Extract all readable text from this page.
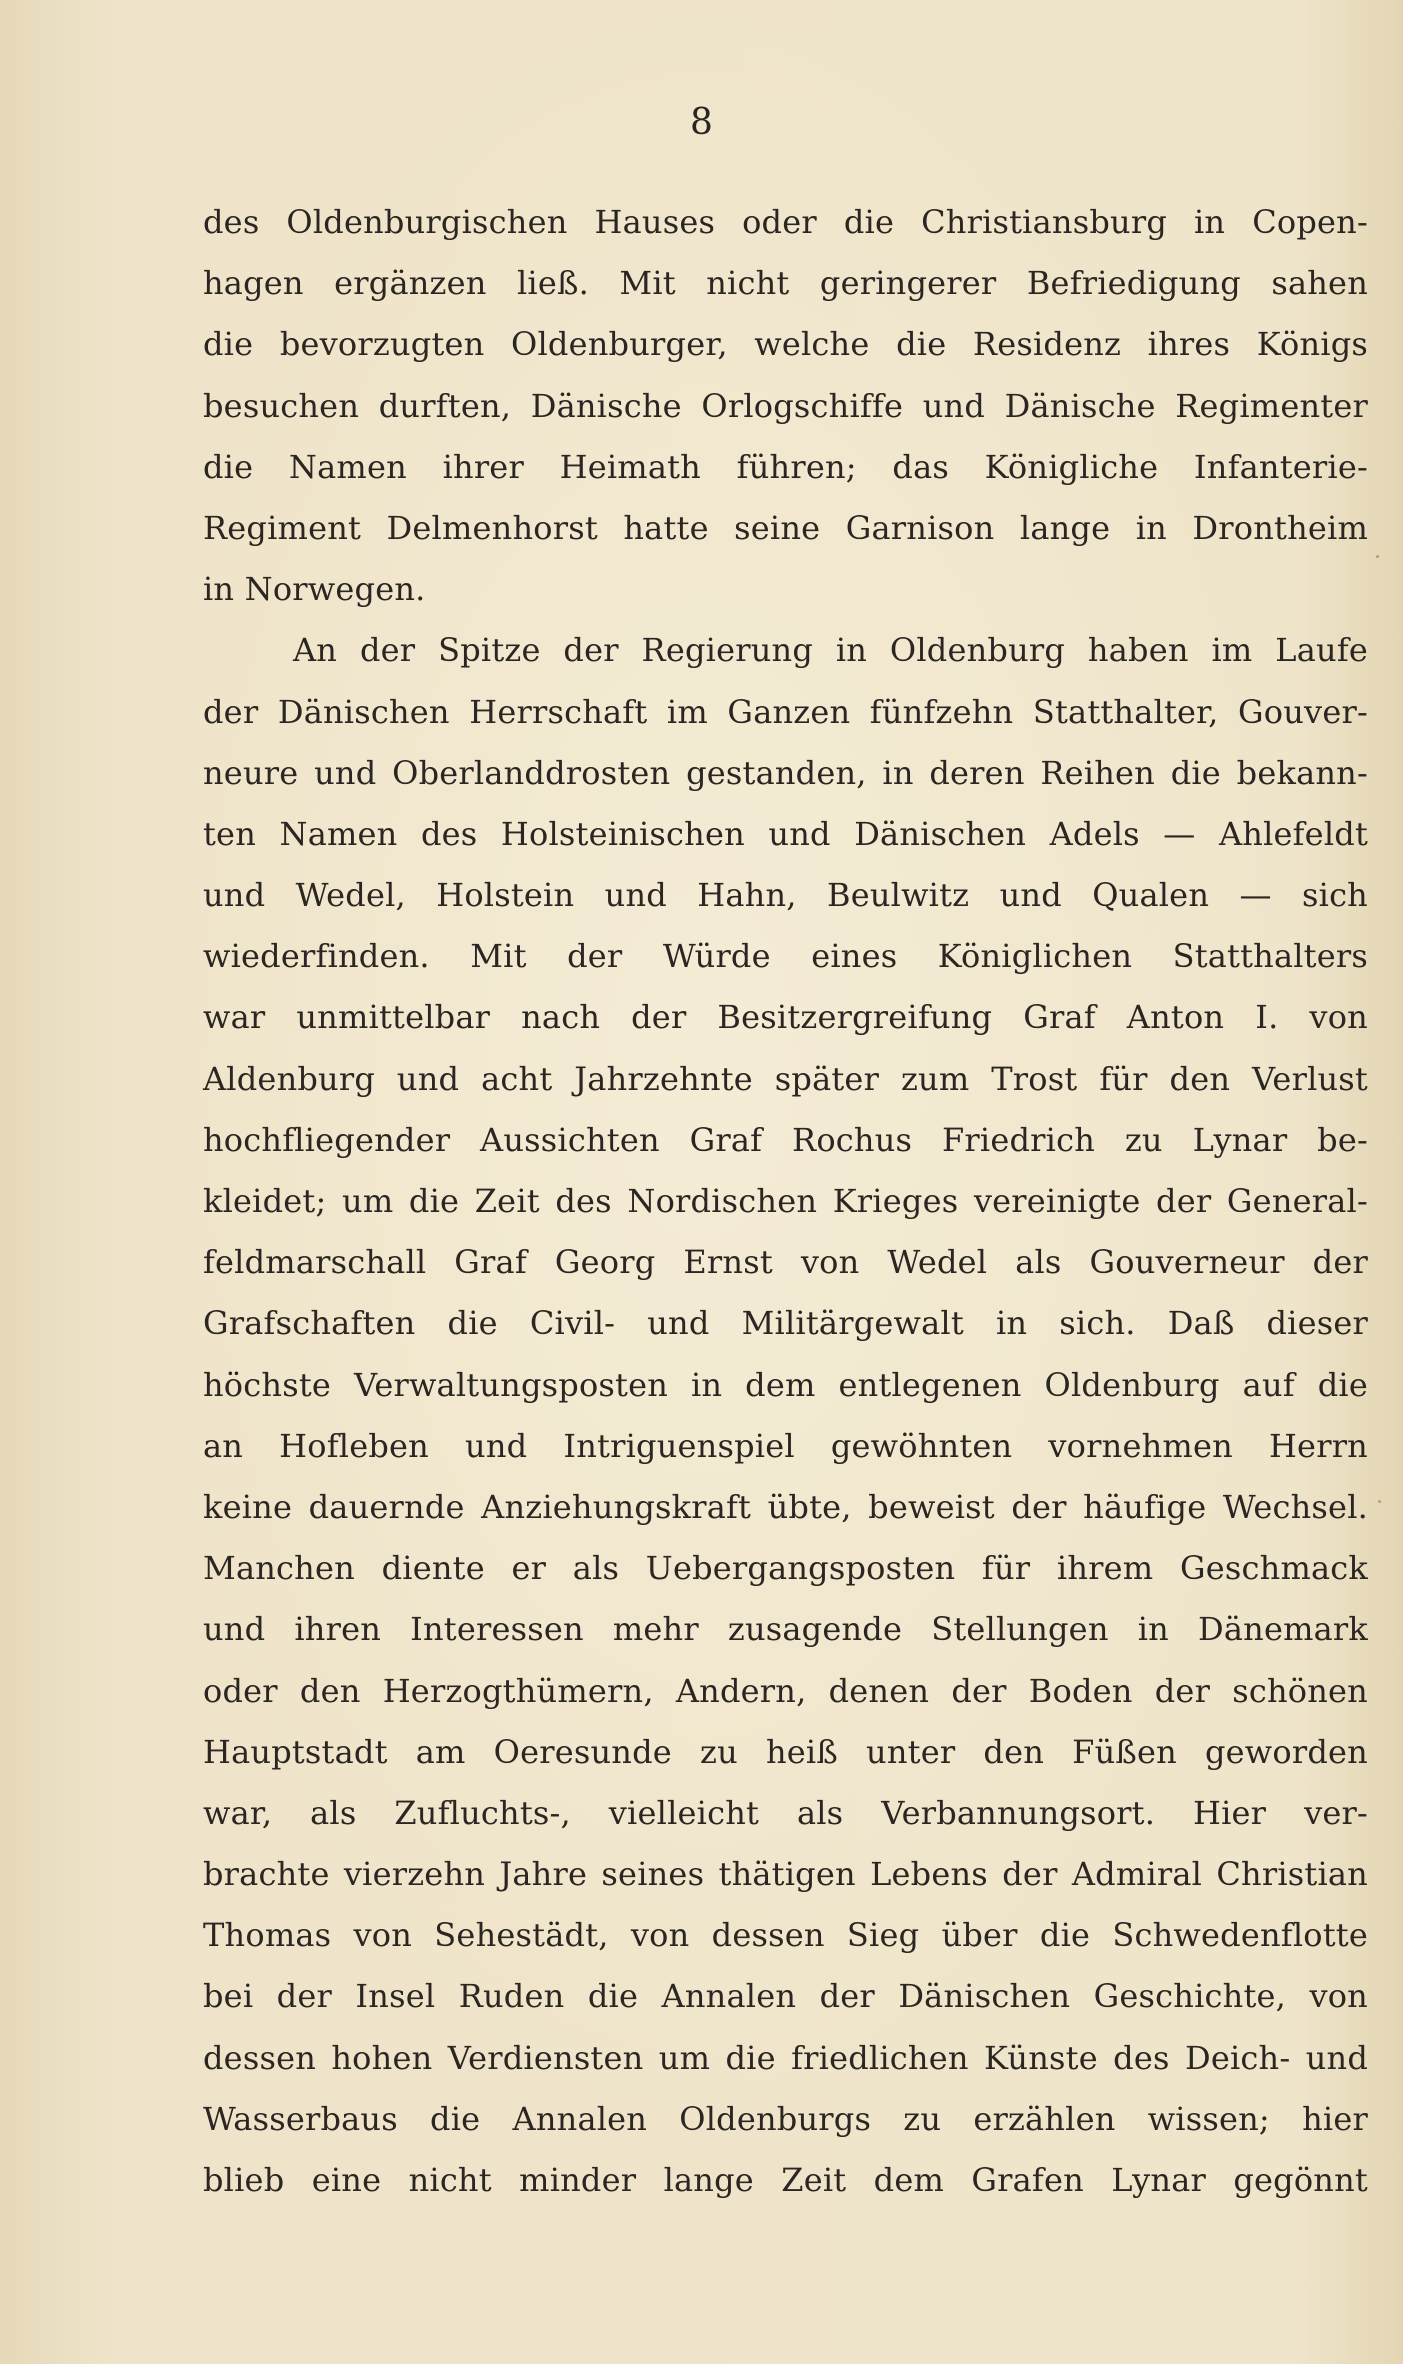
8
des Oldenburgischen Hauses oder die Christiansburg in Copen-
hagen ergänzen ließ. Mit nicht geringerer Befriedigung sahen
die bevorzugten Oldenburger, welche die Residenz ihres Königs
besuchen durften, Dänische Orlogschiffe und Dänische Regimenter
die Namen ihrer Heimath führen; das Königliche Infanterie-
Regiment Delmenhorst hatte seine Garnison lange in Drontheim
in Norwegen.
An der Spitze der Regierung in Oldenburg haben im Laufe
der Dänischen Herrschaft im Ganzen fünfzehn Statthalter, Gouver-
neure und Oberlanddrosten gestanden, in deren Reihen die bekann-
ten Namen des Holsteinischen und Dänischen Adels — Ahlefeldt
und Wedel, Holstein und Hahn, Beulwitz und Qualen — sich
wiederfinden. Mit der Würde eines Königlichen Statthalters
war unmittelbar nach der Besitzergreifung Graf Anton I. von
Aldenburg und acht Jahrzehnte später zum Trost für den Verlust
hochfliegender Aussichten Graf Rochus Friedrich zu Lynar be-
kleidet; um die Zeit des Nordischen Krieges vereinigte der General-
feldmarschall Graf Georg Ernst von Wedel als Gouverneur der
Grafschaften die Civil- und Militärgewalt in sich. Daß dieser
höchste Verwaltungsposten in dem entlegenen Oldenburg auf die
an Hofleben und Intriguenspiel gewöhnten vornehmen Herrn
keine dauernde Anziehungskraft übte, beweist der häufige Wechsel.
Manchen diente er als Uebergangsposten für ihrem Geschmack
und ihren Interessen mehr zusagende Stellungen in Dänemark
oder den Herzogthümern, Andern, denen der Boden der schönen
Hauptstadt am Oeresunde zu heiß unter den Füßen geworden
war, als Zufluchts-, vielleicht als Verbannungsort. Hier ver-
brachte vierzehn Jahre seines thätigen Lebens der Admiral Christian
Thomas von Sehestädt, von dessen Sieg über die Schwedenflotte
bei der Insel Ruden die Annalen der Dänischen Geschichte, von
dessen hohen Verdiensten um die friedlichen Künste des Deich- und
Wasserbaus die Annalen Oldenburgs zu erzählen wissen; hier
blieb eine nicht minder lange Zeit dem Grafen Lynar gegönnt
